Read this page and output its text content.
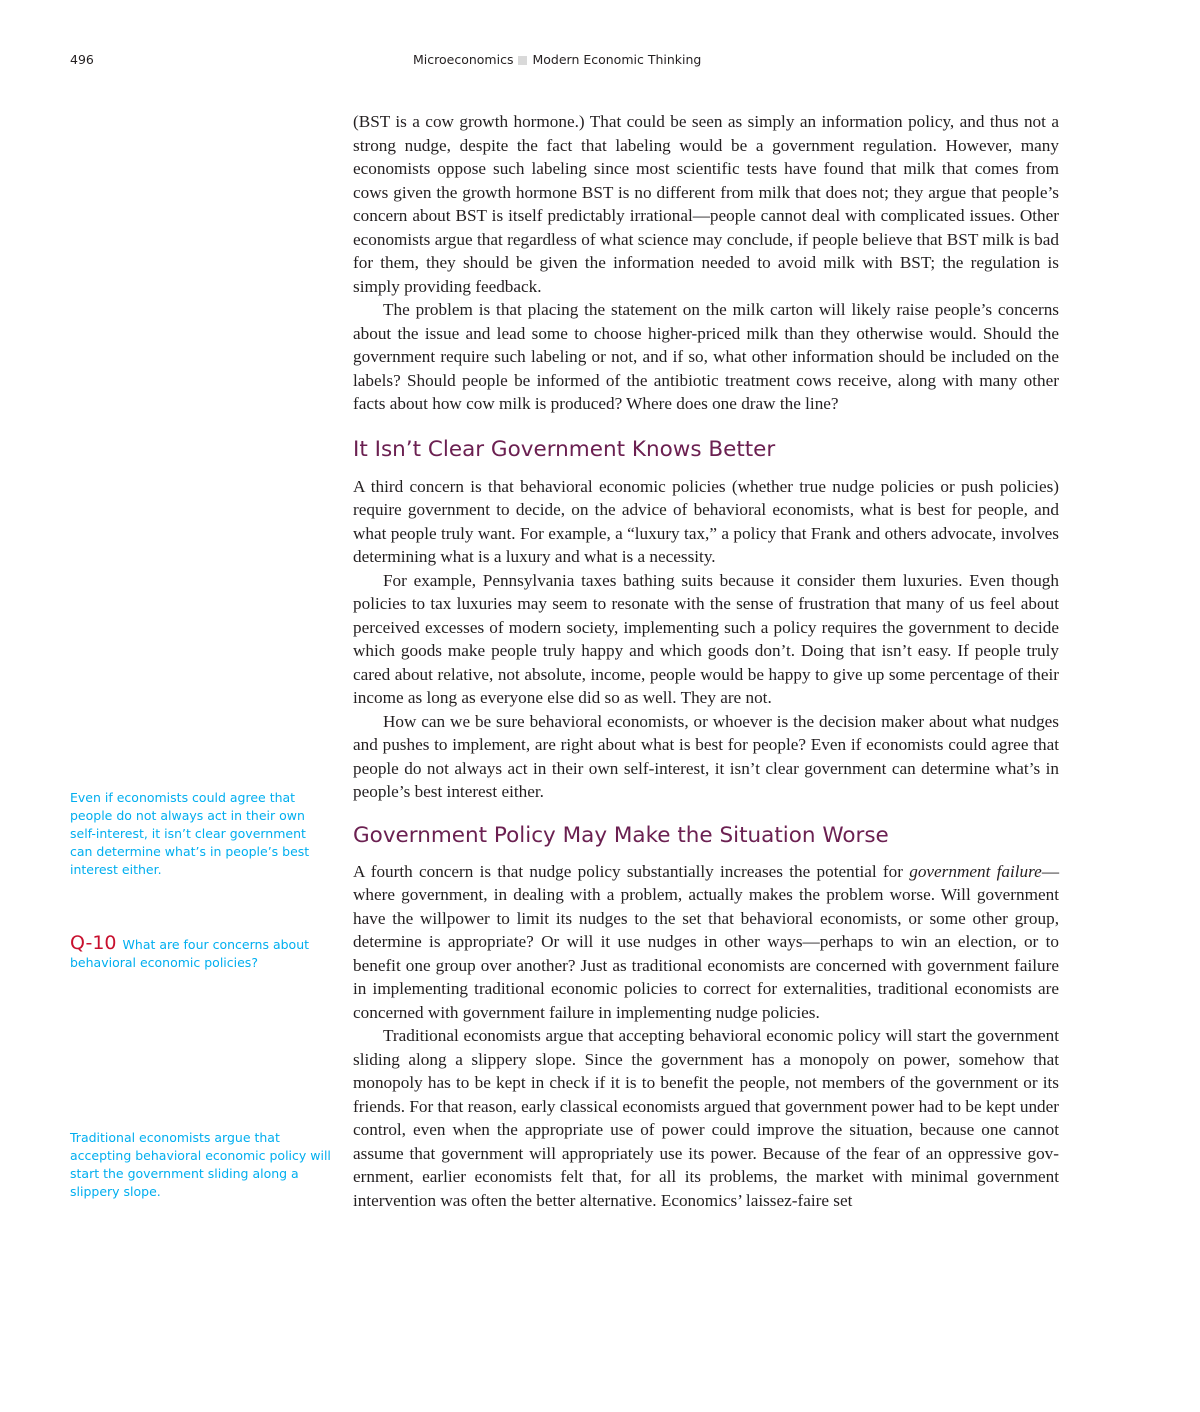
496	Microeconomics Modern Economic Thinking

(BST is a cow growth hormone.) That could be seen as simply an information policy, and thus not a strong nudge, despite the fact that labeling would be a government regulation. However, many economists oppose such labeling since most scientific tests have found that milk that comes from cows given the growth hormone BST is no different from milk that does not; they argue that people’s concern about BST is itself predictably irrational—people cannot deal with complicated issues. Other economists argue that regardless of what science may conclude, if people believe that BST milk is bad for them, they should be given the information needed to avoid milk with BST; the regulation is simply providing feedback.

The problem is that placing the statement on the milk carton will likely raise people’s concerns about the issue and lead some to choose higher-priced milk than they otherwise would. Should the government require such labeling or not, and if so, what other information should be included on the labels? Should people be informed of the antibiotic treatment cows receive, along with many other facts about how cow milk is produced? Where does one draw the line?

It Isn’t Clear Government Knows Better

A third concern is that behavioral economic policies (whether true nudge policies or push policies) require government to decide, on the advice of behavioral economists, what is best for people, and what people truly want. For example, a “luxury tax,” a policy that Frank and others advocate, involves determining what is a luxury and what is a necessity.

For example, Pennsylvania taxes bathing suits because it consider them luxuries. Even though policies to tax luxuries may seem to resonate with the sense of frustration that many of us feel about perceived excesses of modern society, implementing such a policy requires the government to decide which goods make people truly happy and which goods don’t. Doing that isn’t easy. If people truly cared about relative, not absolute, income, people would be happy to give up some percentage of their income as long as everyone else did so as well. They are not.

How can we be sure behavioral economists, or whoever is the decision maker about what nudges and pushes to implement, are right about what is best for people? Even if economists could agree that people do not always act in their own self-interest, it isn’t clear government can determine what’s in people’s best interest either.

Government Policy May Make the Situation Worse

A fourth concern is that nudge policy substantially increases the potential for government failure—where government, in dealing with a problem, actually makes the problem worse. Will government have the willpower to limit its nudges to the set that behavioral economists, or some other group, determine is appropriate? Or will it use nudges in other ways—perhaps to win an election, or to benefit one group over another? Just as traditional economists are concerned with government failure in implementing traditional economic policies to correct for externalities, traditional economists are concerned with government failure in implementing nudge policies.

Traditional economists argue that accepting behavioral economic policy will start the government sliding along a slippery slope. Since the government has a monopoly on power, somehow that monopoly has to be kept in check if it is to benefit the people, not members of the government or its friends. For that reason, early classical economists argued that government power had to be kept under control, even when the appropriate use of power could improve the situation, because one cannot assume that government will appropriately use its power. Because of the fear of an oppressive government, earlier economists felt that, for all its problems, the market with minimal government intervention was often the better alternative. Economics’ laissez-faire set

Even if economists could agree that people do not always act in their own self-interest, it isn’t clear government can determine what’s in people’s best interest either.
Q-10 What are four concerns about behavioral economic policies?
Traditional economists argue that accepting behavioral economic policy will start the government sliding along a slippery slope.
